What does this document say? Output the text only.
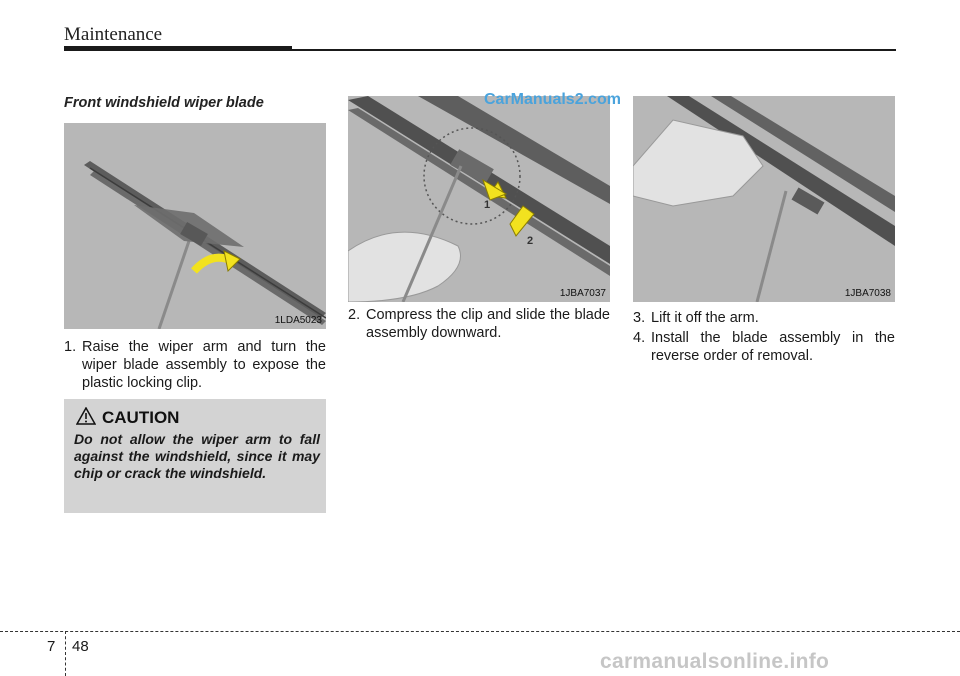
Maintenance
Front windshield wiper blade
1LDA5023
1
2
1JBA7037	1JBA7038
CarManuals2.com
1. Raise the wiper arm and turn the wiper blade assembly to expose the plastic locking clip.
2. Compress the clip and slide the blade assembly downward.
3. Lift it off the arm.
4. Install the blade assembly in the reverse order of removal.
CAUTION
Do not allow the wiper arm to fall against the windshield, since it may chip or crack the windshield.
7 48
carmanualsonline.info
